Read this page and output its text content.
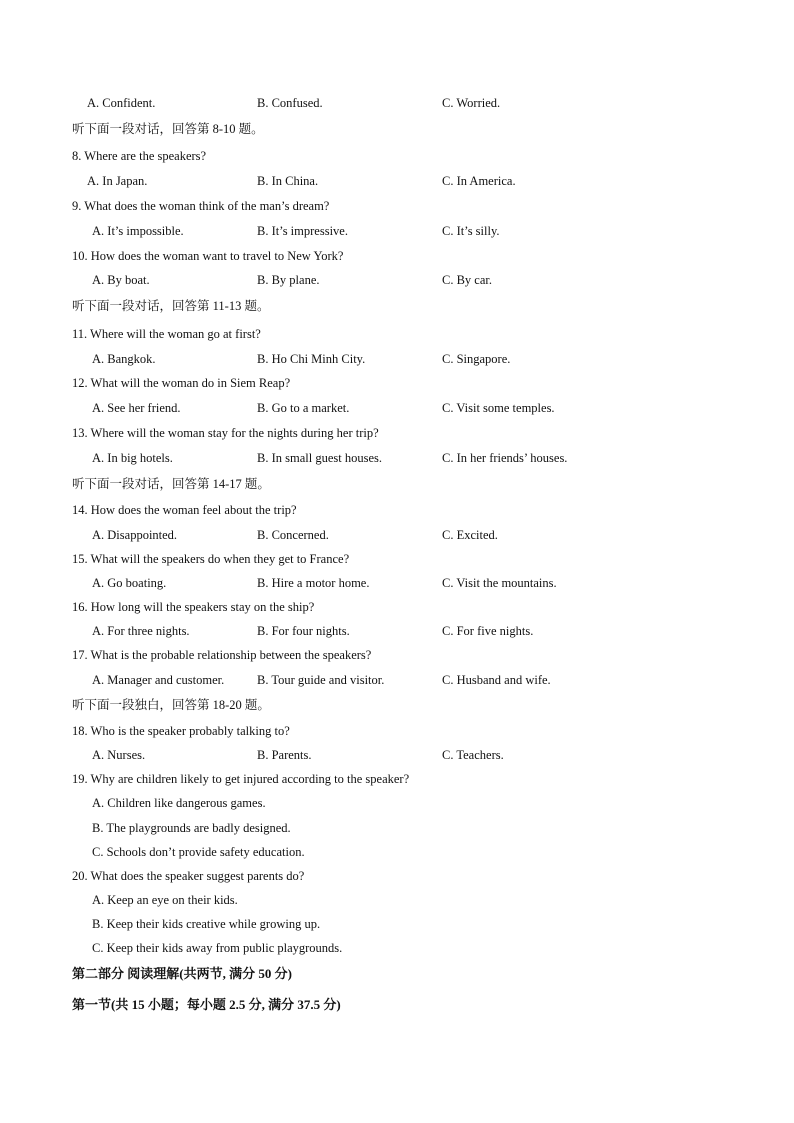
A. Confident.	B. Confused.	C. Worried.
听下面一段对话，回答第 8-10 题。
8. Where are the speakers?
A. In Japan.	B. In China.	C. In America.
9. What does the woman think of the man’s dream?
A. It’s impossible.	B. It’s impressive.	C. It’s silly.
10. How does the woman want to travel to New York?
A. By boat.	B. By plane.	C. By car.
听下面一段对话，回答第 11-13 题。
11. Where will the woman go at first?
A. Bangkok.	B. Ho Chi Minh City.	C. Singapore.
12. What will the woman do in Siem Reap?
A. See her friend.	B. Go to a market.	C. Visit some temples.
13. Where will the woman stay for the nights during her trip?
A. In big hotels.	B. In small guest houses.	C. In her friends’ houses.
听下面一段对话，回答第 14-17 题。
14. How does the woman feel about the trip?
A. Disappointed.	B. Concerned.	C. Excited.
15. What will the speakers do when they get to France?
A. Go boating.	B. Hire a motor home.	C. Visit the mountains.
16. How long will the speakers stay on the ship?
A. For three nights.	B. For four nights.	C. For five nights.
17. What is the probable relationship between the speakers?
A. Manager and customer.	B. Tour guide and visitor.	C. Husband and wife.
听下面一段独白，回答第 18-20 题。
18. Who is the speaker probably talking to?
A. Nurses.	B. Parents.	C. Teachers.
19. Why are children likely to get injured according to the speaker?
A. Children like dangerous games.
B. The playgrounds are badly designed.
C. Schools don’t provide safety education.
20. What does the speaker suggest parents do?
A. Keep an eye on their kids.
B. Keep their kids creative while growing up.
C. Keep their kids away from public playgrounds.
第二部分 阅读理解(共两节, 满分 50 分)
第一节(共 15 小题；每小题 2.5 分, 满分 37.5 分)
